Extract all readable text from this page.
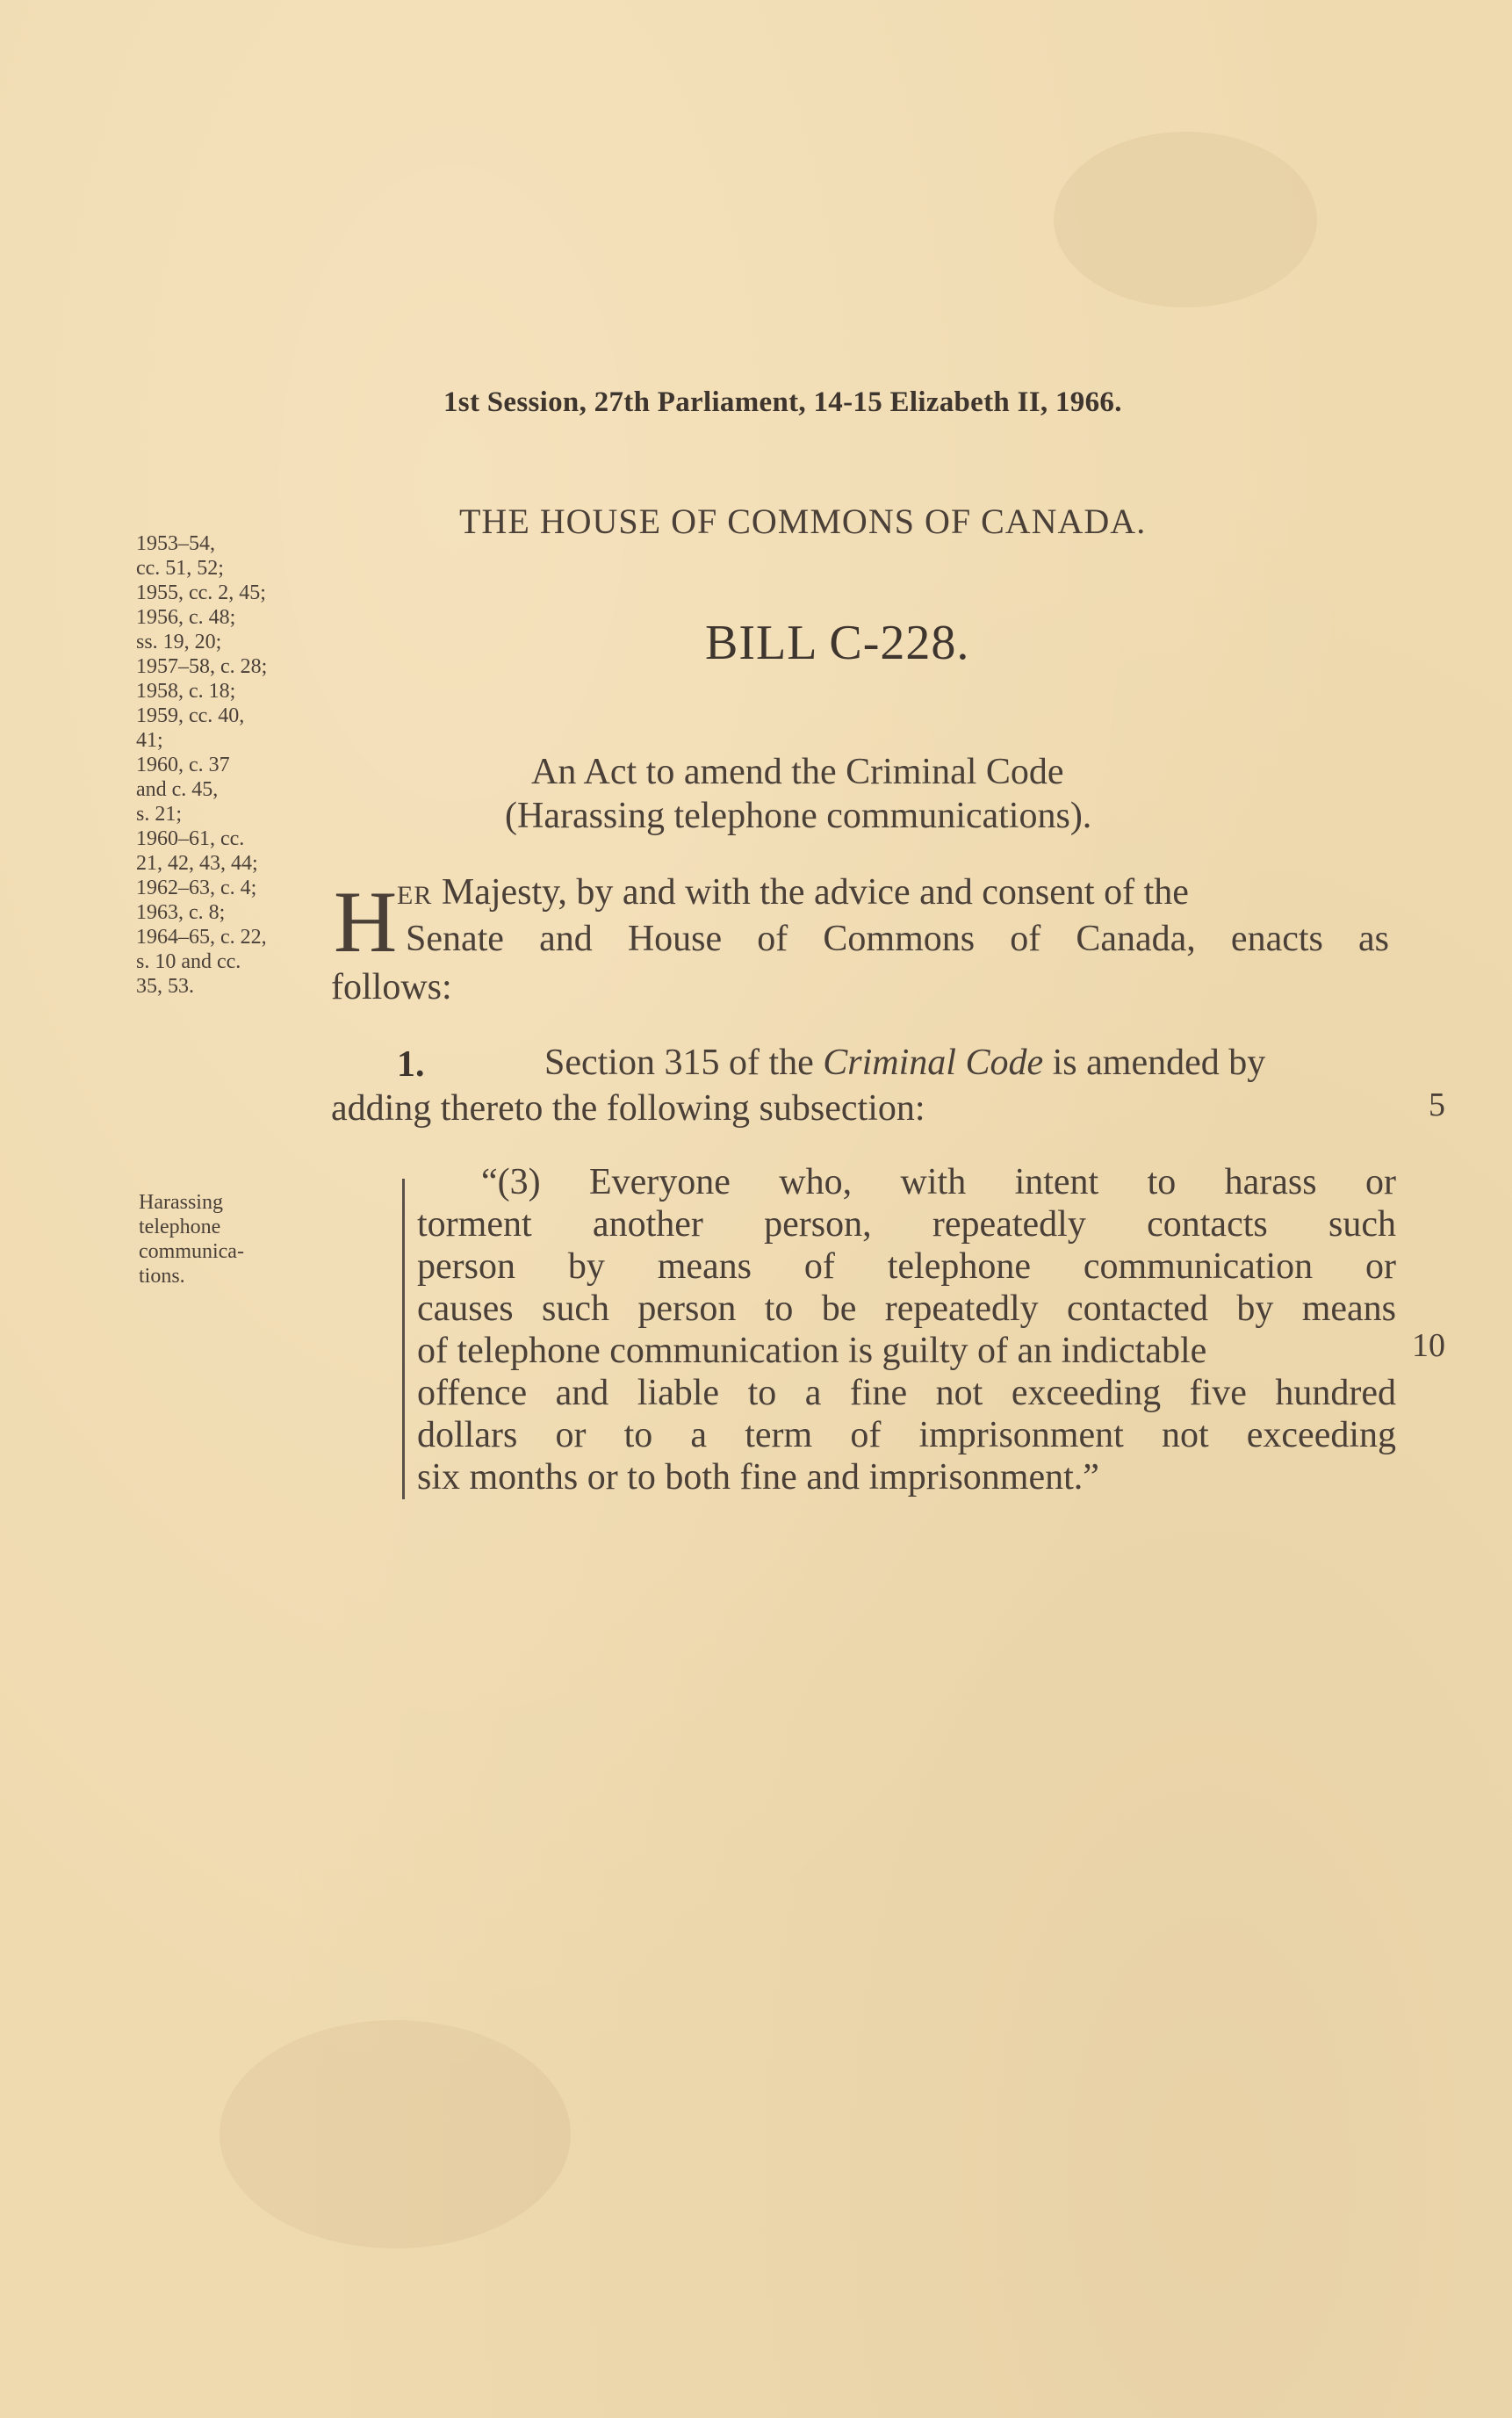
1st Session, 27th Parliament, 14-15 Elizabeth II, 1966.
THE HOUSE OF COMMONS OF CANADA.
BILL C-228.
An Act to amend the Criminal Code
(Harassing telephone communications).
1953–54,
cc. 51, 52;
1955, cc. 2, 45;
1956, c. 48;
ss. 19, 20;
1957–58, c. 28;
1958, c. 18;
1959, cc. 40,
41;
1960, c. 37
and c. 45,
s. 21;
1960–61, cc.
21, 42, 43, 44;
1962–63, c. 4;
1963, c. 8;
1964–65, c. 22,
s. 10 and cc.
35, 53.
H ER Majesty, by and with the advice and consent of the
Senate and House of Commons of Canada, enacts as
follows:
1.	Section 315 of the Criminal Code is amended by
adding thereto the following subsection:	5
Harassing
telephone
communica-
tions.
“(3) Everyone who, with intent to harass or
torment another person, repeatedly contacts such
person by means of telephone communication or
causes such person to be repeatedly contacted by means
of telephone communication is guilty of an indictable
offence and liable to a fine not exceeding five hundred
dollars or to a term of imprisonment not exceeding
six months or to both fine and imprisonment.”
10
